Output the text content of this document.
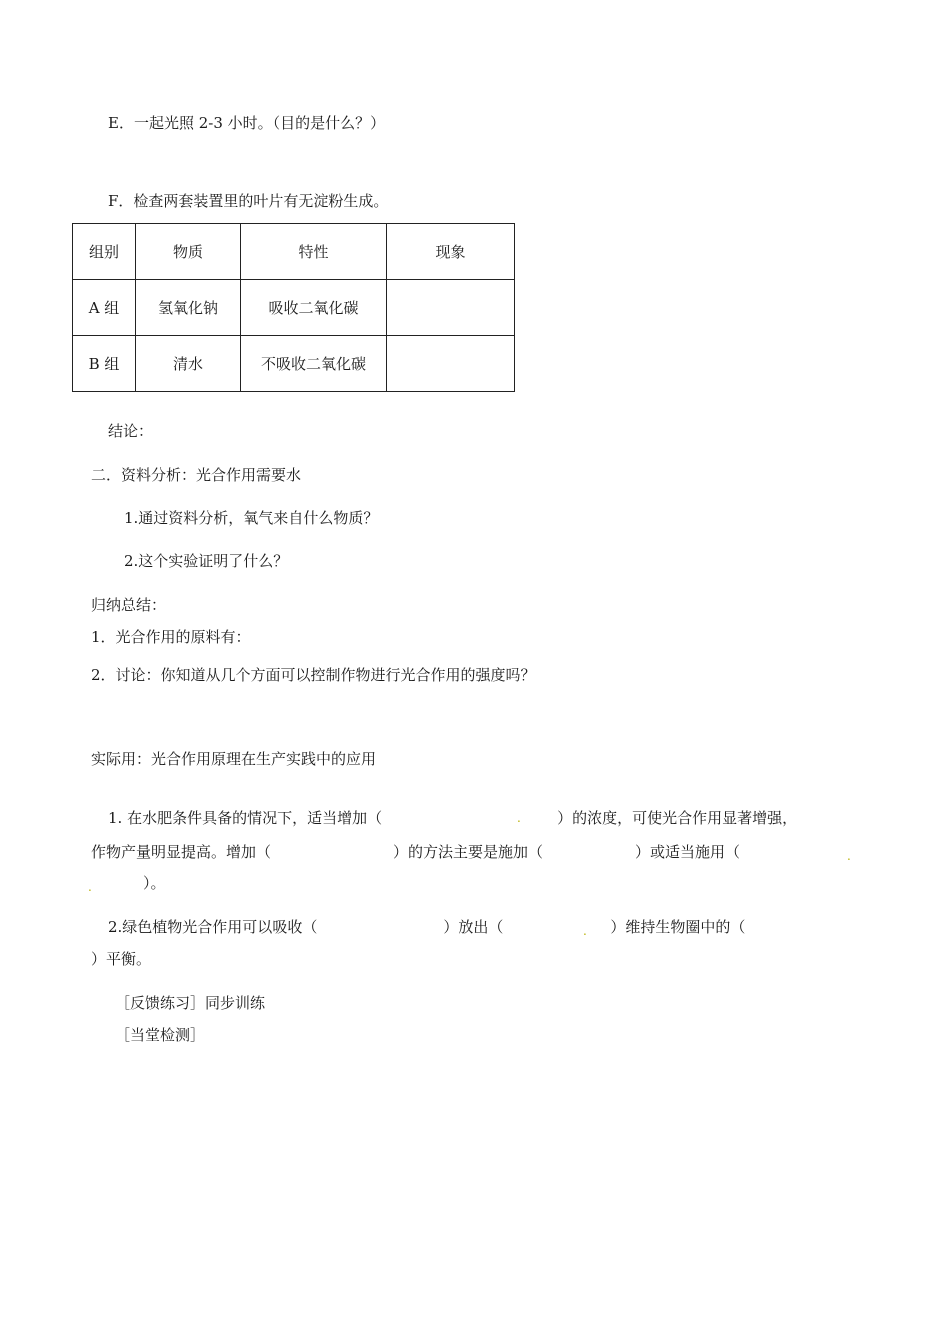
E．一起光照 2-3 小时。（目的是什么？）
F．检查两套装置里的叶片有无淀粉生成。
组别	物质	特性	现象
A 组	氢氧化钠	吸收二氧化碳	
B 组	清水	不吸收二氧化碳	
结论：
二．资料分析：光合作用需要水
1.通过资料分析，氧气来自什么物质？
2.这个实验证明了什么？
归纳总结：
1．光合作用的原料有：
2．讨论：你知道从几个方面可以控制作物进行光合作用的强度吗？
实际用：光合作用原理在生产实践中的应用
1. 在水肥条件具备的情况下，适当增加（	）的浓度，可使光合作用显著增强，
作物产量明显提高。增加（	）的方法主要是施加（	）或适当施用（
）。
2.绿色植物光合作用可以吸收（	）放出（	）维持生物圈中的（
）平衡。
［反馈练习］同步训练
［当堂检测］
.
.
.
.
